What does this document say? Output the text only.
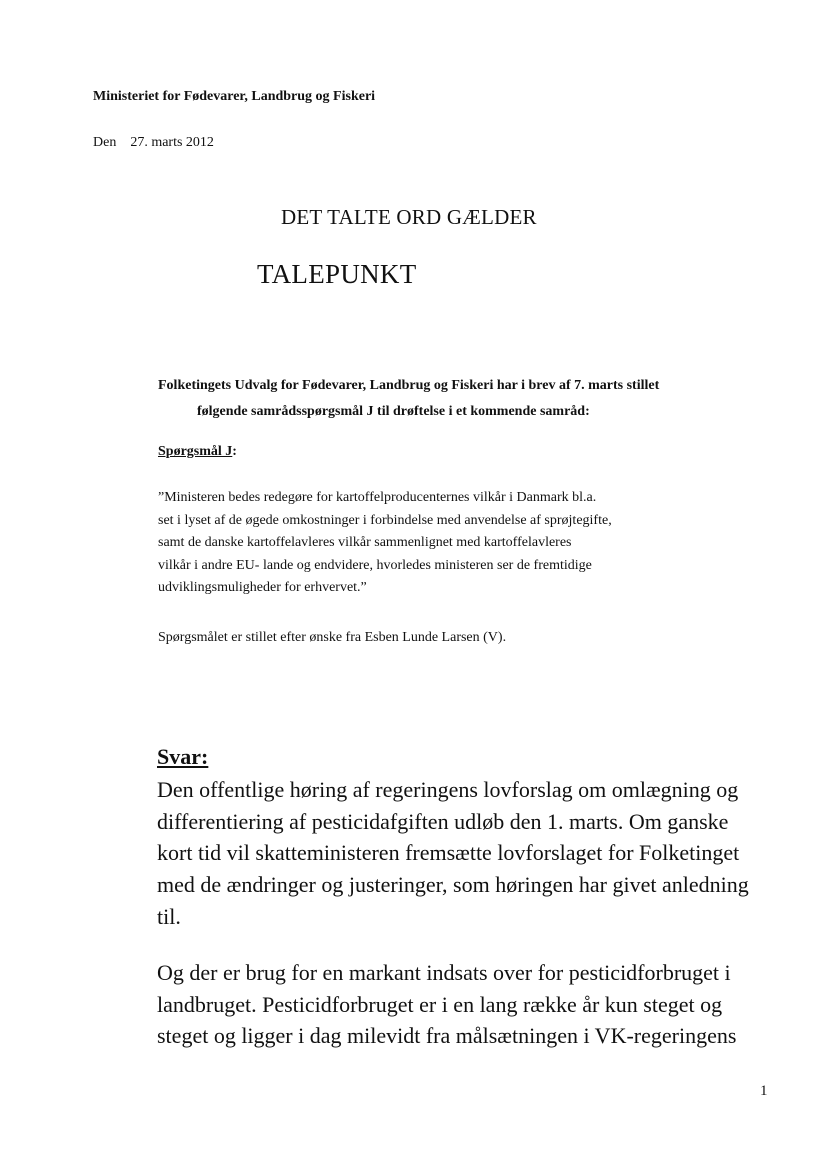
Ministeriet for Fødevarer, Landbrug og Fiskeri
Den 27. marts 2012
DET TALTE ORD GÆLDER
TALEPUNKT
Folketingets Udvalg for Fødevarer, Landbrug og Fiskeri har i brev af 7. marts stillet
følgende samrådsspørgsmål J til drøftelse i et kommende samråd:
Spørgsmål J:
”Ministeren bedes redegøre for kartoffelproducenternes vilkår i Danmark bl.a.
set i lyset af de øgede omkostninger i forbindelse med anvendelse af sprøjtegifte,
samt de danske kartoffelavleres vilkår sammenlignet med kartoffelavleres
vilkår i andre EU- lande og endvidere, hvorledes ministeren ser de fremtidige
udviklingsmuligheder for erhvervet.”
Spørgsmålet er stillet efter ønske fra Esben Lunde Larsen (V).
Svar:
Den offentlige høring af regeringens lovforslag om omlægning og
differentiering af pesticidafgiften udløb den 1. marts. Om ganske
kort tid vil skatteministeren fremsætte lovforslaget for Folketinget
med de ændringer og justeringer, som høringen har givet anledning
til.
Og der er brug for en markant indsats over for pesticidforbruget i
landbruget. Pesticidforbruget er i en lang række år kun steget og
steget og ligger i dag milevidt fra målsætningen i VK-regeringens
1
